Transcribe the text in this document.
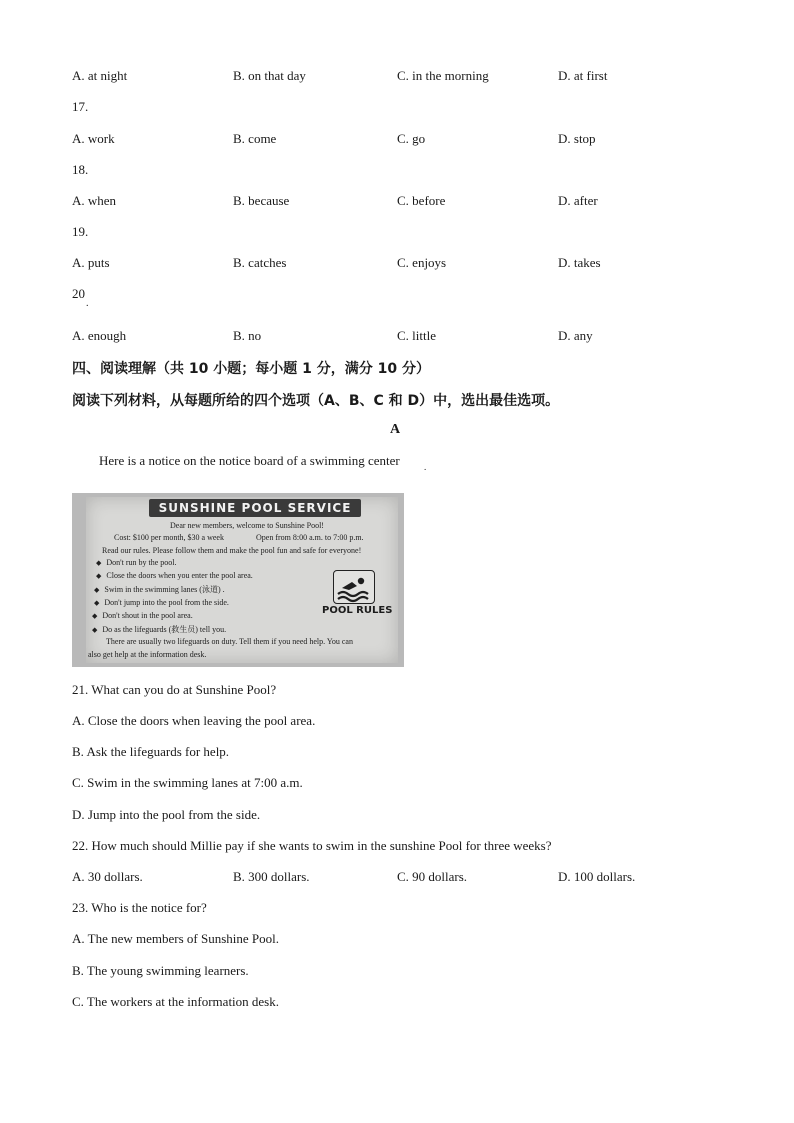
A. at night	B. on that day	C. in the morning	D. at first
17.
A. work	B. come	C. go	D. stop
18.
A. when	B. because	C. before	D. after
19.
A. puts	B. catches	C. enjoys	D. takes
20
.
A. enough	B. no	C. little	D. any
四、阅读理解（共 10 小题；每小题 1 分，满分 10 分）
阅读下列材料，从每题所给的四个选项（A、B、C 和 D）中，选出最佳选项。
A
Here is a notice on the notice board of a swimming center	.
SUNSHINE POOL SERVICE
Dear new members, welcome to Sunshine Pool!
Cost: $100 per month, $30 a week	Open from 8:00 a.m. to 7:00 p.m.
Read our rules. Please follow them and make the pool fun and safe for everyone!
◆ Don't run by the pool.
◆ Close the doors when you enter the pool area.
◆ Swim in the swimming lanes (泳道) .
◆ Don't jump into the pool from the side.
◆ Don't shout in the pool area.
◆ Do as the lifeguards (救生员) tell you.
There are usually two lifeguards on duty. Tell them if you need help. You can
also get help at the information desk.
POOL RULES
21. What can you do at Sunshine Pool?
A. Close the doors when leaving the pool area.
B. Ask the lifeguards for help.
C. Swim in the swimming lanes at 7:00 a.m.
D. Jump into the pool from the side.
22. How much should Millie pay if she wants to swim in the sunshine Pool for three weeks?
A. 30 dollars.	B. 300 dollars.	C. 90 dollars.	D. 100 dollars.
23. Who is the notice for?
A. The new members of Sunshine Pool.
B. The young swimming learners.
C. The workers at the information desk.
